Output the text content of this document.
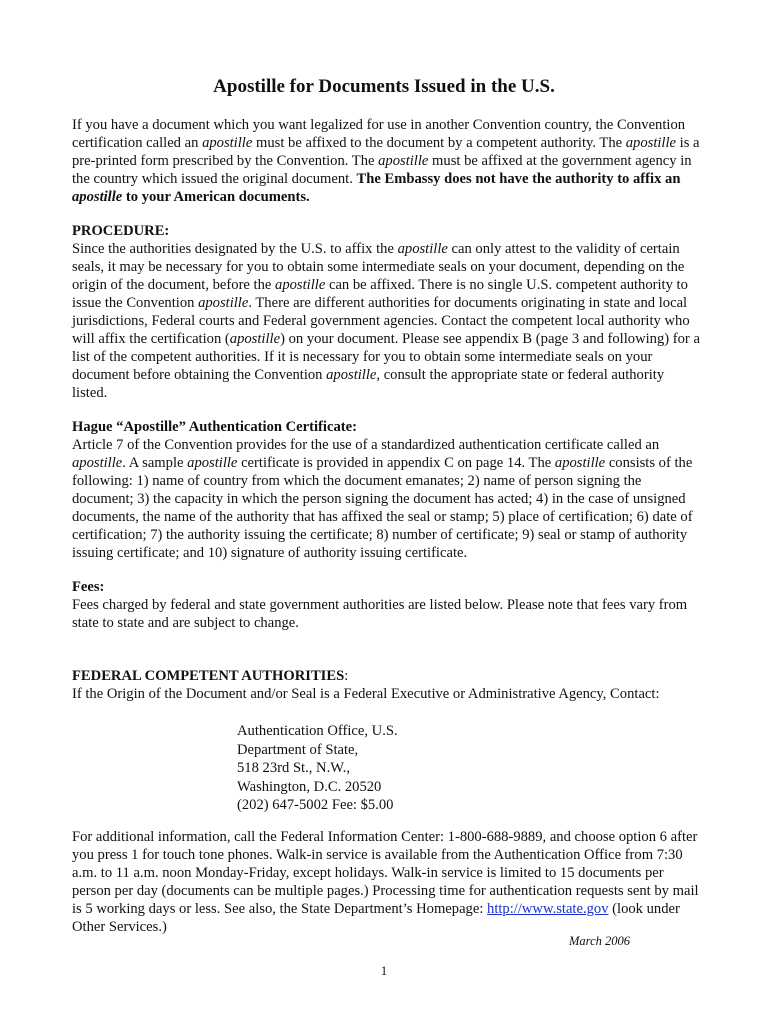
Apostille for Documents Issued in the U.S.

If you have a document which you want legalized for use in another Convention country, the Convention certification called an apostille must be affixed to the document by a competent authority. The apostille is a pre-printed form prescribed by the Convention. The apostille must be affixed at the government agency in the country which issued the original document. The Embassy does not have the authority to affix an apostille to your American documents.

PROCEDURE:

Since the authorities designated by the U.S. to affix the apostille can only attest to the validity of certain seals, it may be necessary for you to obtain some intermediate seals on your document, depending on the origin of the document, before the apostille can be affixed. There is no single U.S. competent authority to issue the Convention apostille. There are different authorities for documents originating in state and local jurisdictions, Federal courts and Federal government agencies. Contact the competent local authority who will affix the certification (apostille) on your document. Please see appendix B (page 3 and following) for a list of the competent authorities. If it is necessary for you to obtain some intermediate seals on your document before obtaining the Convention apostille, consult the appropriate state or federal authority listed.

Hague “Apostille” Authentication Certificate:

Article 7 of the Convention provides for the use of a standardized authentication certificate called an apostille. A sample apostille certificate is provided in appendix C on page 14. The apostille consists of the following: 1) name of country from which the document emanates; 2) name of person signing the document; 3) the capacity in which the person signing the document has acted; 4) in the case of unsigned documents, the name of the authority that has affixed the seal or stamp; 5) place of certification; 6) date of certification; 7) the authority issuing the certificate; 8) number of certificate; 9) seal or stamp of authority issuing certificate; and 10) signature of authority issuing certificate.

Fees:

Fees charged by federal and state government authorities are listed below. Please note that fees vary from state to state and are subject to change.

FEDERAL COMPETENT AUTHORITIES:

If the Origin of the Document and/or Seal is a Federal Executive or Administrative Agency, Contact:

Authentication Office, U.S.
Department of State,
518 23rd St., N.W.,
Washington, D.C. 20520
(202) 647-5002 Fee: $5.00

For additional information, call the Federal Information Center: 1-800-688-9889, and choose option 6 after you press 1 for touch tone phones. Walk-in service is available from the Authentication Office from 7:30 a.m. to 11 a.m. noon Monday-Friday, except holidays. Walk-in service is limited to 15 documents per person per day (documents can be multiple pages.) Processing time for authentication requests sent by mail is 5 working days or less. See also, the State Department’s Homepage: http://www.state.gov (look under Other Services.)

March 2006
1
